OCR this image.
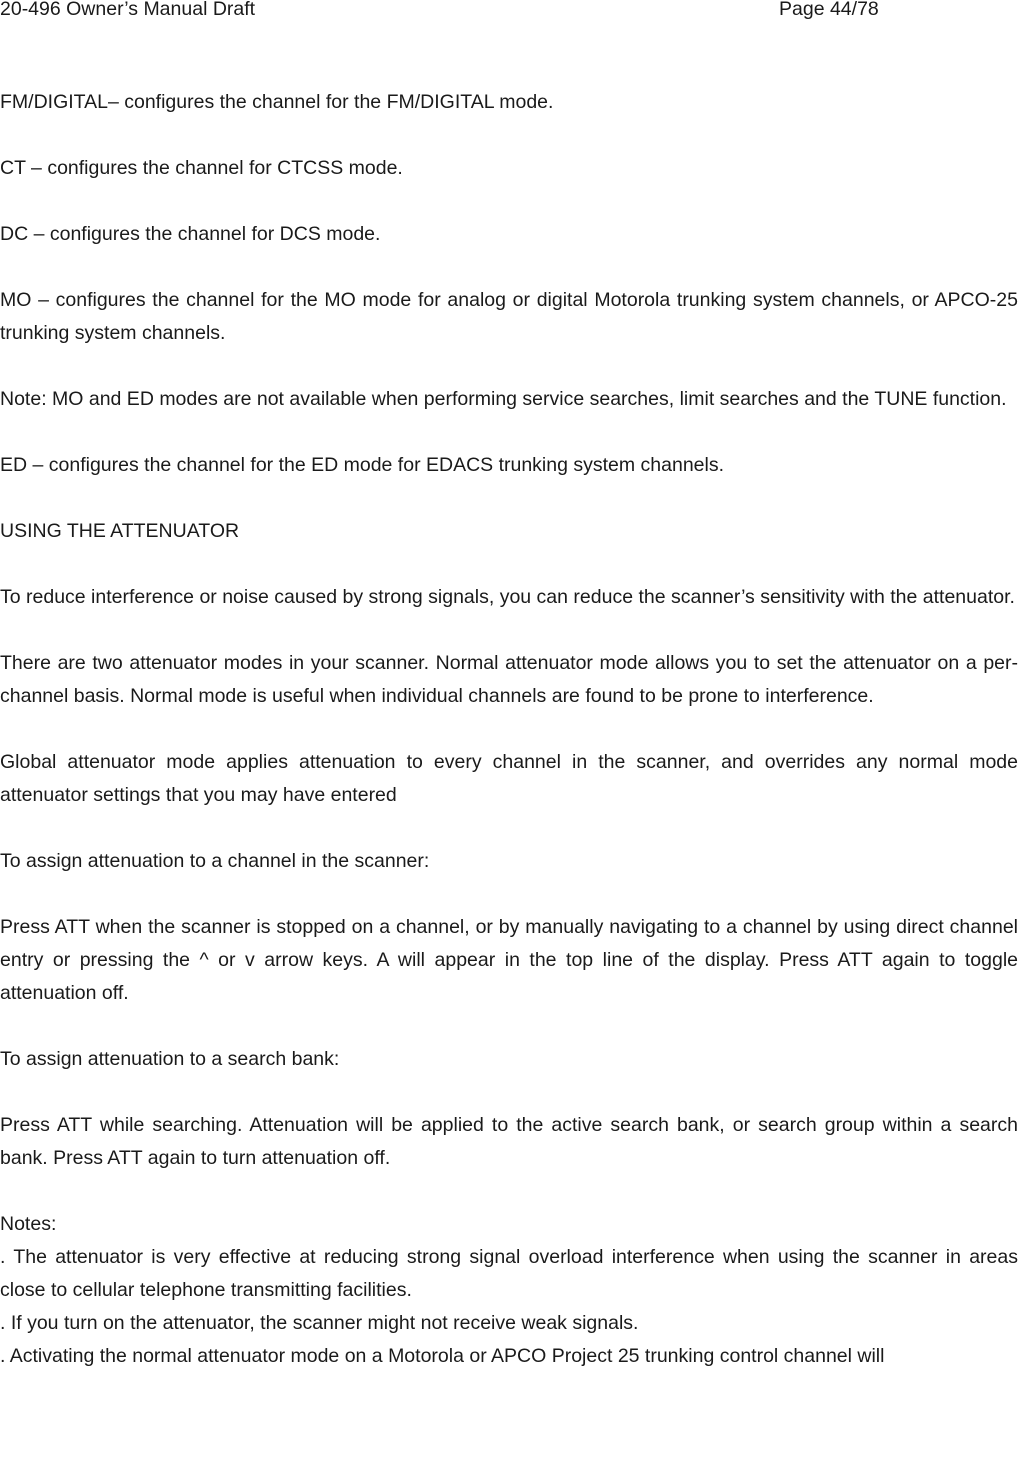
20-496 Owner’s Manual Draft	Page 44/78

FM/DIGITAL– configures the channel for the FM/DIGITAL mode.

CT – configures the channel for CTCSS mode.

DC – configures the channel for DCS mode.

MO – configures the channel for the MO mode for analog or digital Motorola trunking system channels, or APCO-25 trunking system channels.

Note: MO and ED modes are not available when performing service searches, limit searches and the TUNE function.

ED – configures the channel for the ED mode for EDACS trunking system channels.

USING THE ATTENUATOR

To reduce interference or noise caused by strong signals, you can reduce the scanner’s sensitivity with the attenuator.

There are two attenuator modes in your scanner. Normal attenuator mode allows you to set the attenuator on a per-channel basis. Normal mode is useful when individual channels are found to be prone to interference.

Global attenuator mode applies attenuation to every channel in the scanner, and overrides any normal mode attenuator settings that you may have entered

To assign attenuation to a channel in the scanner:

Press ATT when the scanner is stopped on a channel, or by manually navigating to a channel by using direct channel entry or pressing the ^ or v arrow keys. A will appear in the top line of the display. Press ATT again to toggle attenuation off.

To assign attenuation to a search bank:

Press ATT while searching. Attenuation will be applied to the active search bank, or search group within a search bank. Press ATT again to turn attenuation off.

Notes:

. The attenuator is very effective at reducing strong signal overload interference when using the scanner in areas close to cellular telephone transmitting facilities.

. If you turn on the attenuator, the scanner might not receive weak signals.

. Activating the normal attenuator mode on a Motorola or APCO Project 25 trunking control channel will
